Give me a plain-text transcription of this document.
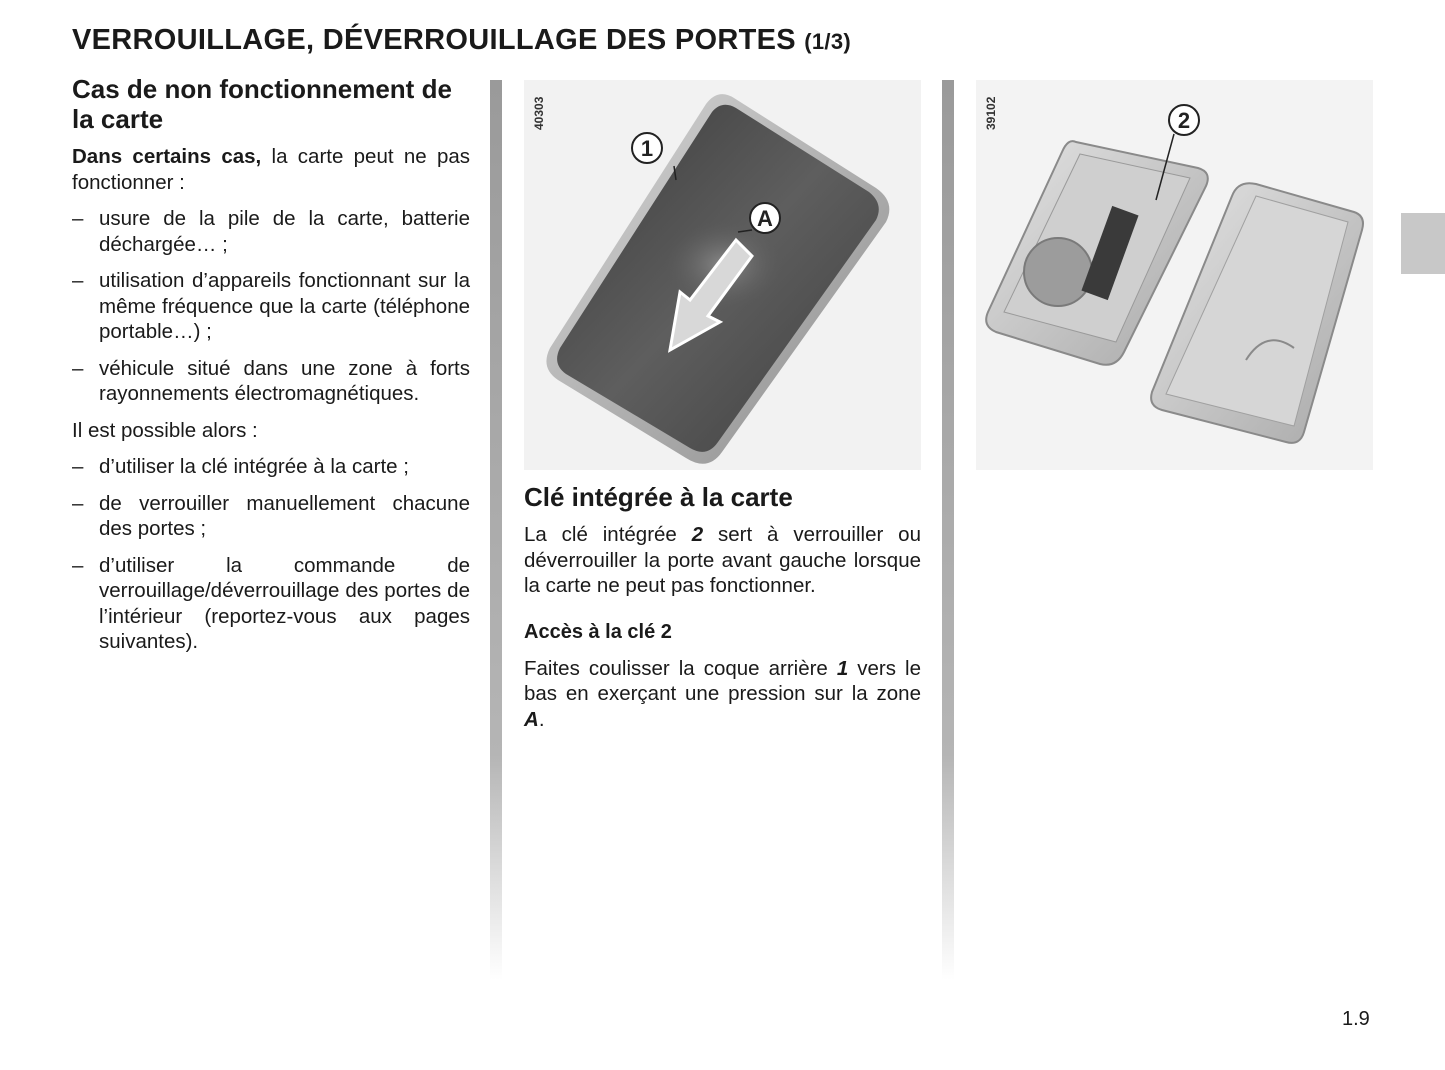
VERROUILLAGE, DÉVERROUILLAGE DES PORTES (1/3)
Cas de non fonctionnement de la carte

Dans certains cas, la carte peut ne pas fonctionner :

– usure de la pile de la carte, batterie déchargée… ;
– utilisation d’appareils fonctionnant sur la même fréquence que la carte (téléphone portable…) ;
– véhicule situé dans une zone à forts rayonnements électromagnétiques.

Il est possible alors :

– d’utiliser la clé intégrée à la carte ;
– de verrouiller manuellement chacune des portes ;
– d’utiliser la commande de verrouillage/déverrouillage des portes de l’intérieur (reportez-vous aux pages suivantes).
1
A
40303	2
39102
Clé intégrée à la carte

La clé intégrée 2 sert à verrouiller ou déverrouiller la porte avant gauche lorsque la carte ne peut pas fonctionner.

Accès à la clé 2

Faites coulisser la coque arrière 1 vers le bas en exerçant une pression sur la zone A.

1.9
